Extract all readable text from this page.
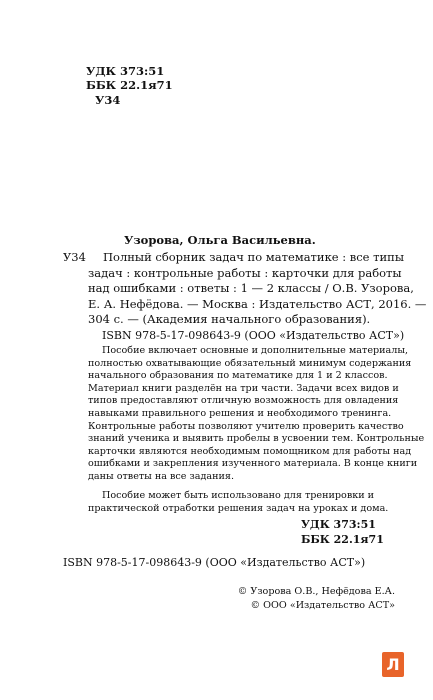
УДК 373:51
ББК 22.1я71
У34
Узорова, Ольга Васильевна.
У34 Полный сборник задач по математике : все типы
задач : контрольные работы : карточки для работы
над ошибками : ответы : 1 — 2 классы / О.В. Узорова,
Е. А. Нефёдова. — Москва : Издательство АСТ, 2016. —
304 с. — (Академия начального образования).
ISBN 978-5-17-098643-9 (ООО «Издательство АСТ»)
Пособие включает основные и дополнительные материалы,
полностью охватывающие обязательный минимум содержания
начального образования по математике для 1 и 2 классов.
Материал книги разделён на три части. Задачи всех видов и
типов предоставляют отличную возможность для овладения
навыками правильного решения и необходимого тренинга.
Контрольные работы позволяют учителю проверить качество
знаний ученика и выявить пробелы в усвоении тем. Контрольные
карточки являются необходимым помощником для работы над
ошибками и закрепления изученного материала. В конце книги
даны ответы на все задания.
Пособие может быть использовано для тренировки и
практической отработки решения задач на уроках и дома.
УДК 373:51
ББК 22.1я71
ISBN 978-5-17-098643-9 (ООО «Издательство АСТ»)
© Узорова О.В., Нефёдова Е.А.
© ООО «Издательство АСТ»
Л
